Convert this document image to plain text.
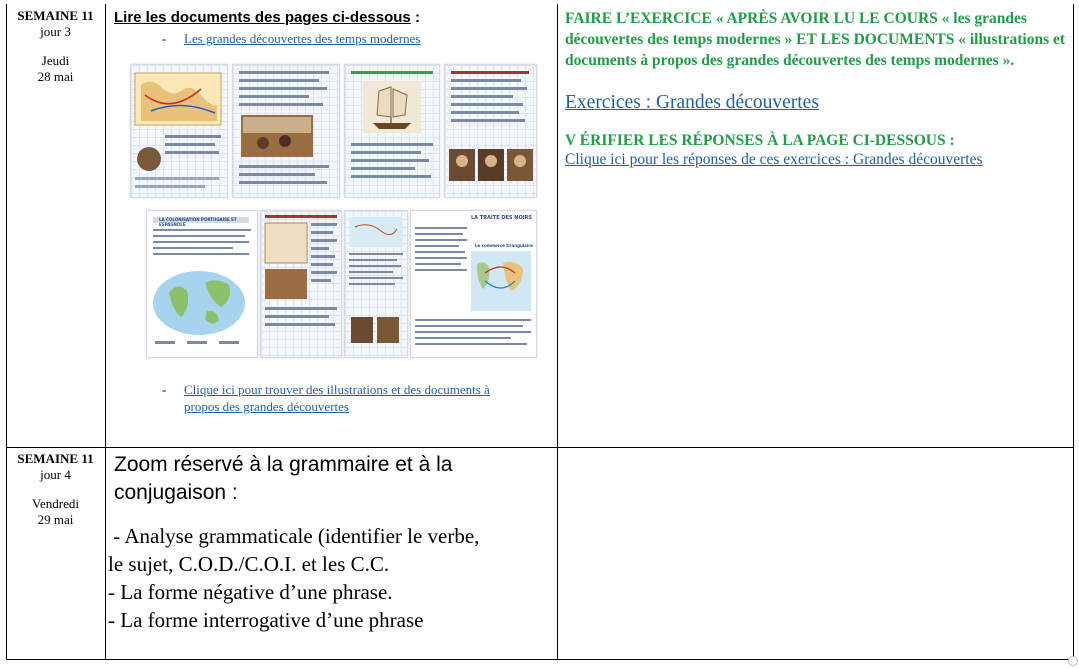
SEMAINE 11
jour 3
Jeudi
28 mai
Lire les documents des pages ci-dessous :
- Les grandes découvertes des temps modernes
LA COLONISATION PORTUGAISE ET ESPAGNOLE
LA TRAITE DES NOIRS
Le commerce triangulaire
- Clique ici pour trouver des illustrations et des documents à
propos des grandes découvertes
FAIRE L’EXERCICE « APRÈS AVOIR LU LE COURS « les grandes découvertes des temps modernes » ET LES DOCUMENTS « illustrations et documents à propos des grandes découvertes des temps modernes ».
Exercices : Grandes découvertes
V ÉRIFIER LES RÉPONSES À LA PAGE CI-DESSOUS :
Clique ici pour les réponses de ces exercices : Grandes découvertes
SEMAINE 11
jour 4
Vendredi
29 mai
Zoom réservé à la grammaire et à la
conjugaison :
- Analyse grammaticale (identifier le verbe,
le sujet, C.O.D./C.O.I. et les C.C.
- La forme négative d’une phrase.
- La forme interrogative d’une phrase
